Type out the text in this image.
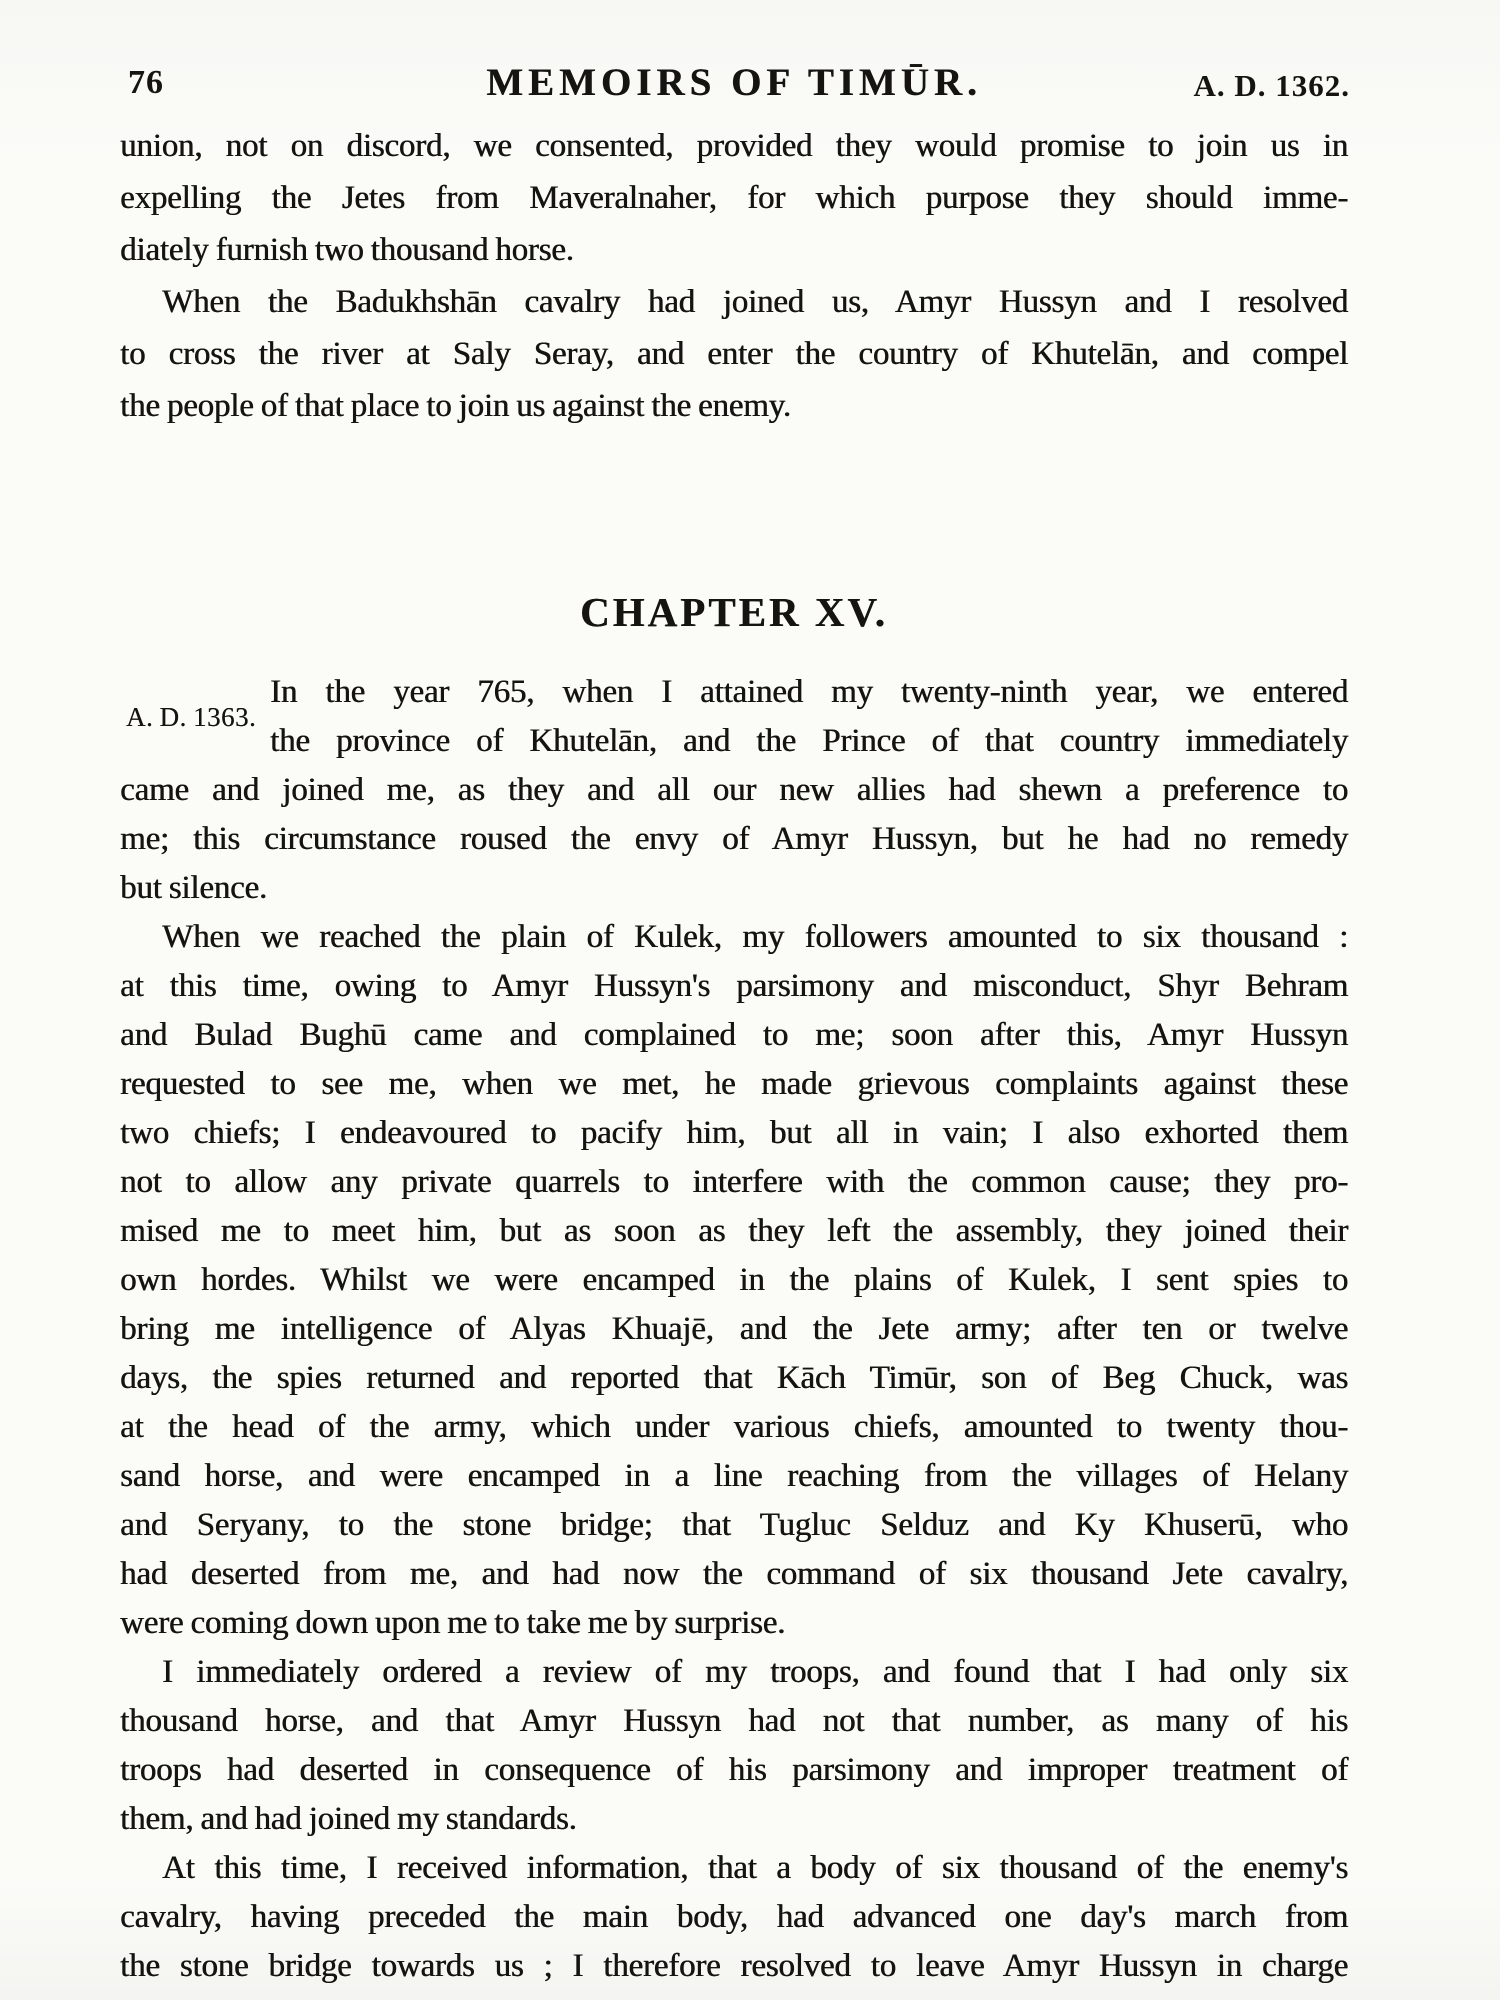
76	MEMOIRS OF TIMŪR.	A. D. 1362.
union, not on discord, we consented, provided they would promise to join us in
expelling the Jetes from Maveralnaher, for which purpose they should imme-
diately furnish two thousand horse.
When the Badukhshān cavalry had joined us, Amyr Hussyn and I resolved
to cross the river at Saly Seray, and enter the country of Khutelān, and compel
the people of that place to join us against the enemy.
CHAPTER XV.
A. D. 1363.
In the year 765, when I attained my twenty-ninth year, we entered
the province of Khutelān, and the Prince of that country immediately
came and joined me, as they and all our new allies had shewn a preference to
me; this circumstance roused the envy of Amyr Hussyn, but he had no remedy
but silence.
When we reached the plain of Kulek, my followers amounted to six thousand :
at this time, owing to Amyr Hussyn's parsimony and misconduct, Shyr Behram
and Bulad Bughū came and complained to me; soon after this, Amyr Hussyn
requested to see me, when we met, he made grievous complaints against these
two chiefs; I endeavoured to pacify him, but all in vain; I also exhorted them
not to allow any private quarrels to interfere with the common cause; they pro-
mised me to meet him, but as soon as they left the assembly, they joined their
own hordes. Whilst we were encamped in the plains of Kulek, I sent spies to
bring me intelligence of Alyas Khuajē, and the Jete army; after ten or twelve
days, the spies returned and reported that Kāch Timūr, son of Beg Chuck, was
at the head of the army, which under various chiefs, amounted to twenty thou-
sand horse, and were encamped in a line reaching from the villages of Helany
and Seryany, to the stone bridge; that Tugluc Selduz and Ky Khuserū, who
had deserted from me, and had now the command of six thousand Jete cavalry,
were coming down upon me to take me by surprise.
I immediately ordered a review of my troops, and found that I had only six
thousand horse, and that Amyr Hussyn had not that number, as many of his
troops had deserted in consequence of his parsimony and improper treatment of
them, and had joined my standards.
At this time, I received information, that a body of six thousand of the enemy's
cavalry, having preceded the main body, had advanced one day's march from
the stone bridge towards us ; I therefore resolved to leave Amyr Hussyn in charge
